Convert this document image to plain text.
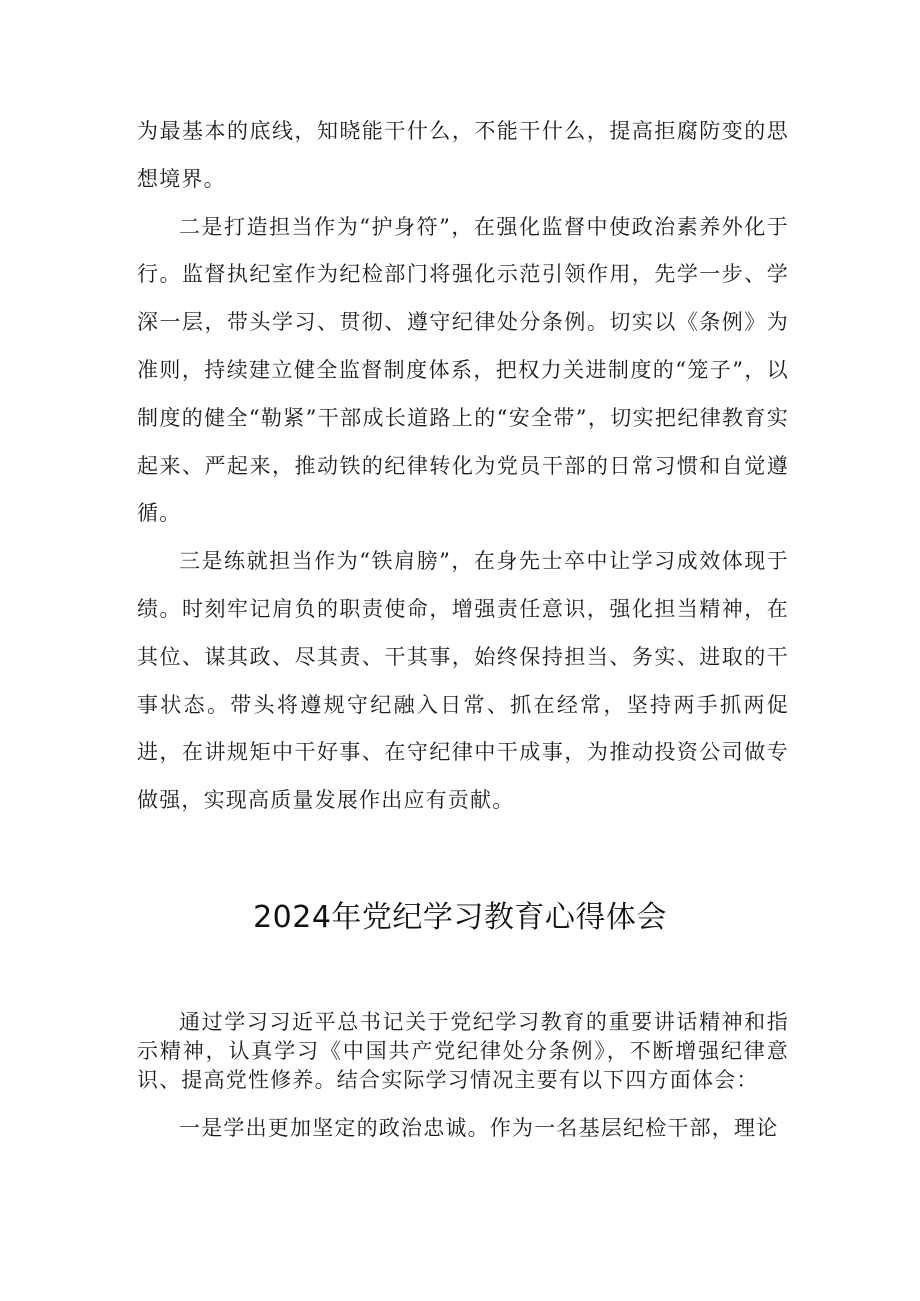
为最基本的底线，知晓能干什么，不能干什么，提高拒腐防变的思想境界。

二是打造担当作为“护身符”，在强化监督中使政治素养外化于行。监督执纪室作为纪检部门将强化示范引领作用，先学一步、学深一层，带头学习、贯彻、遵守纪律处分条例。切实以《条例》为准则，持续建立健全监督制度体系，把权力关进制度的“笼子”，以制度的健全“勒紧”干部成长道路上的“安全带”，切实把纪律教育实起来、严起来，推动铁的纪律转化为党员干部的日常习惯和自觉遵循。

三是练就担当作为“铁肩膀”，在身先士卒中让学习成效体现于绩。时刻牢记肩负的职责使命，增强责任意识，强化担当精神，在其位、谋其政、尽其责、干其事，始终保持担当、务实、进取的干事状态。带头将遵规守纪融入日常、抓在经常，坚持两手抓两促进，在讲规矩中干好事、在守纪律中干成事，为推动投资公司做专做强，实现高质量发展作出应有贡献。

2024年党纪学习教育心得体会

通过学习习近平总书记关于党纪学习教育的重要讲话精神和指示精神，认真学习《中国共产党纪律处分条例》，不断增强纪律意识、提高党性修养。结合实际学习情况主要有以下四方面体会：

一是学出更加坚定的政治忠诚。作为一名基层纪检干部，理论
